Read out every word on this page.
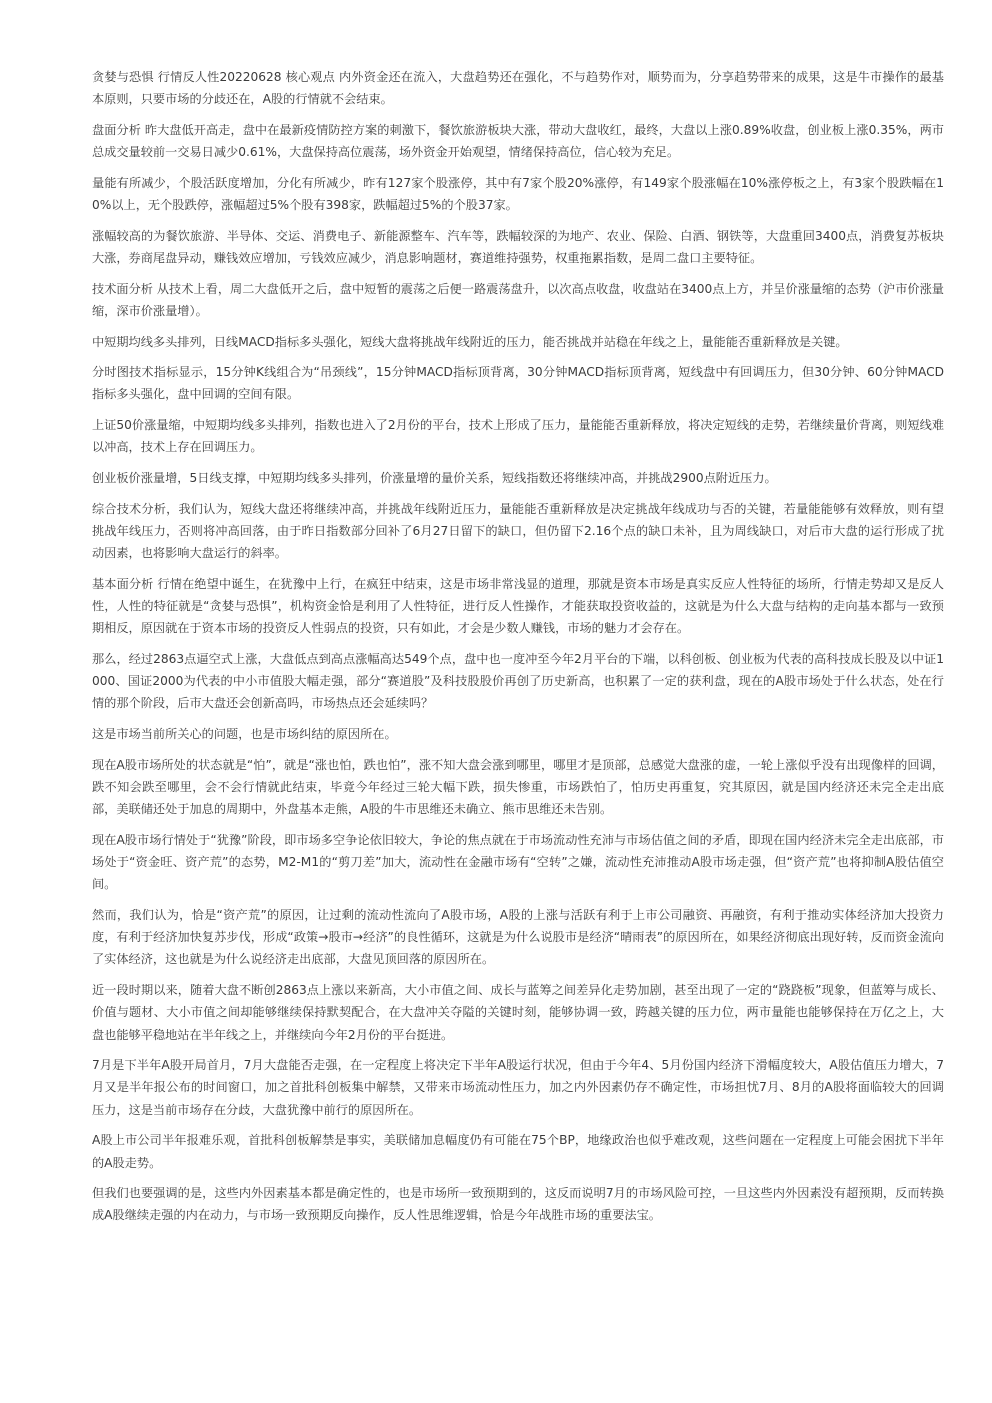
贪婪与恐惧 行情反人性20220628 核心观点 内外资金还在流入，大盘趋势还在强化，不与趋势作对，顺势而为，分享趋势带来的成果，这是牛市操作的最基本原则，只要市场的分歧还在，A股的行情就不会结束。

盘面分析 昨大盘低开高走，盘中在最新疫情防控方案的刺激下，餐饮旅游板块大涨，带动大盘收红，最终，大盘以上涨0.89%收盘，创业板上涨0.35%，两市总成交量较前一交易日减少0.61%，大盘保持高位震荡，场外资金开始观望，情绪保持高位，信心较为充足。

量能有所减少，个股活跃度增加，分化有所减少，昨有127家个股涨停，其中有7家个股20%涨停，有149家个股涨幅在10%涨停板之上，有3家个股跌幅在10%以上，无个股跌停，涨幅超过5%个股有398家，跌幅超过5%的个股37家。

涨幅较高的为餐饮旅游、半导体、交运、消费电子、新能源整车、汽车等，跌幅较深的为地产、农业、保险、白酒、钢铁等，大盘重回3400点，消费复苏板块大涨，券商尾盘异动，赚钱效应增加，亏钱效应减少，消息影响题材，赛道维持强势，权重拖累指数，是周二盘口主要特征。

技术面分析 从技术上看，周二大盘低开之后，盘中短暂的震荡之后便一路震荡盘升，以次高点收盘，收盘站在3400点上方，并呈价涨量缩的态势（沪市价涨量缩，深市价涨量增）。

中短期均线多头排列，日线MACD指标多头强化，短线大盘将挑战年线附近的压力，能否挑战并站稳在年线之上，量能能否重新释放是关键。

分时图技术指标显示，15分钟K线组合为“吊颈线”，15分钟MACD指标顶背离，30分钟MACD指标顶背离，短线盘中有回调压力，但30分钟、60分钟MACD指标多头强化，盘中回调的空间有限。

上证50价涨量缩，中短期均线多头排列，指数也进入了2月份的平台，技术上形成了压力，量能能否重新释放，将决定短线的走势，若继续量价背离，则短线难以冲高，技术上存在回调压力。

创业板价涨量增，5日线支撑，中短期均线多头排列，价涨量增的量价关系，短线指数还将继续冲高，并挑战2900点附近压力。

综合技术分析，我们认为，短线大盘还将继续冲高，并挑战年线附近压力，量能能否重新释放是决定挑战年线成功与否的关键，若量能能够有效释放，则有望挑战年线压力，否则将冲高回落，由于昨日指数部分回补了6月27日留下的缺口，但仍留下2.16个点的缺口未补，且为周线缺口，对后市大盘的运行形成了扰动因素，也将影响大盘运行的斜率。

基本面分析 行情在绝望中诞生，在犹豫中上行，在疯狂中结束，这是市场非常浅显的道理，那就是资本市场是真实反应人性特征的场所，行情走势却又是反人性，人性的特征就是“贪婪与恐惧”，机构资金恰是利用了人性特征，进行反人性操作，才能获取投资收益的，这就是为什么大盘与结构的走向基本都与一致预期相反，原因就在于资本市场的投资反人性弱点的投资，只有如此，才会是少数人赚钱，市场的魅力才会存在。

那么，经过2863点逼空式上涨，大盘低点到高点涨幅高达549个点，盘中也一度冲至今年2月平台的下端，以科创板、创业板为代表的高科技成长股及以中证1000、国证2000为代表的中小市值股大幅走强，部分“赛道股”及科技股股价再创了历史新高，也积累了一定的获利盘，现在的A股市场处于什么状态，处在行情的那个阶段，后市大盘还会创新高吗，市场热点还会延续吗？

这是市场当前所关心的问题，也是市场纠结的原因所在。

现在A股市场所处的状态就是“怕”，就是“涨也怕，跌也怕”，涨不知大盘会涨到哪里，哪里才是顶部，总感觉大盘涨的虚，一轮上涨似乎没有出现像样的回调，跌不知会跌至哪里，会不会行情就此结束，毕竟今年经过三轮大幅下跌，损失惨重，市场跌怕了，怕历史再重复，究其原因，就是国内经济还未完全走出底部，美联储还处于加息的周期中，外盘基本走熊，A股的牛市思维还未确立、熊市思维还未告别。

现在A股市场行情处于“犹豫”阶段，即市场多空争论依旧较大，争论的焦点就在于市场流动性充沛与市场估值之间的矛盾，即现在国内经济未完全走出底部，市场处于“资金旺、资产荒”的态势，M2-M1的“剪刀差”加大，流动性在金融市场有“空转”之嫌，流动性充沛推动A股市场走强，但“资产荒”也将抑制A股估值空间。

然而，我们认为，恰是“资产荒”的原因，让过剩的流动性流向了A股市场，A股的上涨与活跃有利于上市公司融资、再融资，有利于推动实体经济加大投资力度，有利于经济加快复苏步伐，形成“政策→股市→经济”的良性循环，这就是为什么说股市是经济“晴雨表”的原因所在，如果经济彻底出现好转，反而资金流向了实体经济，这也就是为什么说经济走出底部，大盘见顶回落的原因所在。

近一段时期以来，随着大盘不断创2863点上涨以来新高，大小市值之间、成长与蓝筹之间差异化走势加剧，甚至出现了一定的“跷跷板”现象，但蓝筹与成长、价值与题材、大小市值之间却能够继续保持默契配合，在大盘冲关夺隘的关键时刻，能够协调一致，跨越关键的压力位，两市量能也能够保持在万亿之上，大盘也能够平稳地站在半年线之上，并继续向今年2月份的平台挺进。

7月是下半年A股开局首月，7月大盘能否走强，在一定程度上将决定下半年A股运行状况，但由于今年4、5月份国内经济下滑幅度较大，A股估值压力增大，7月又是半年报公布的时间窗口，加之首批科创板集中解禁，又带来市场流动性压力，加之内外因素仍存不确定性，市场担忧7月、8月的A股将面临较大的回调压力，这是当前市场存在分歧，大盘犹豫中前行的原因所在。

A股上市公司半年报难乐观，首批科创板解禁是事实，美联储加息幅度仍有可能在75个BP，地缘政治也似乎难改观，这些问题在一定程度上可能会困扰下半年的A股走势。

但我们也要强调的是，这些内外因素基本都是确定性的，也是市场所一致预期到的，这反而说明7月的市场风险可控，一旦这些内外因素没有超预期，反而转换成A股继续走强的内在动力，与市场一致预期反向操作，反人性思维逻辑，恰是今年战胜市场的重要法宝。
